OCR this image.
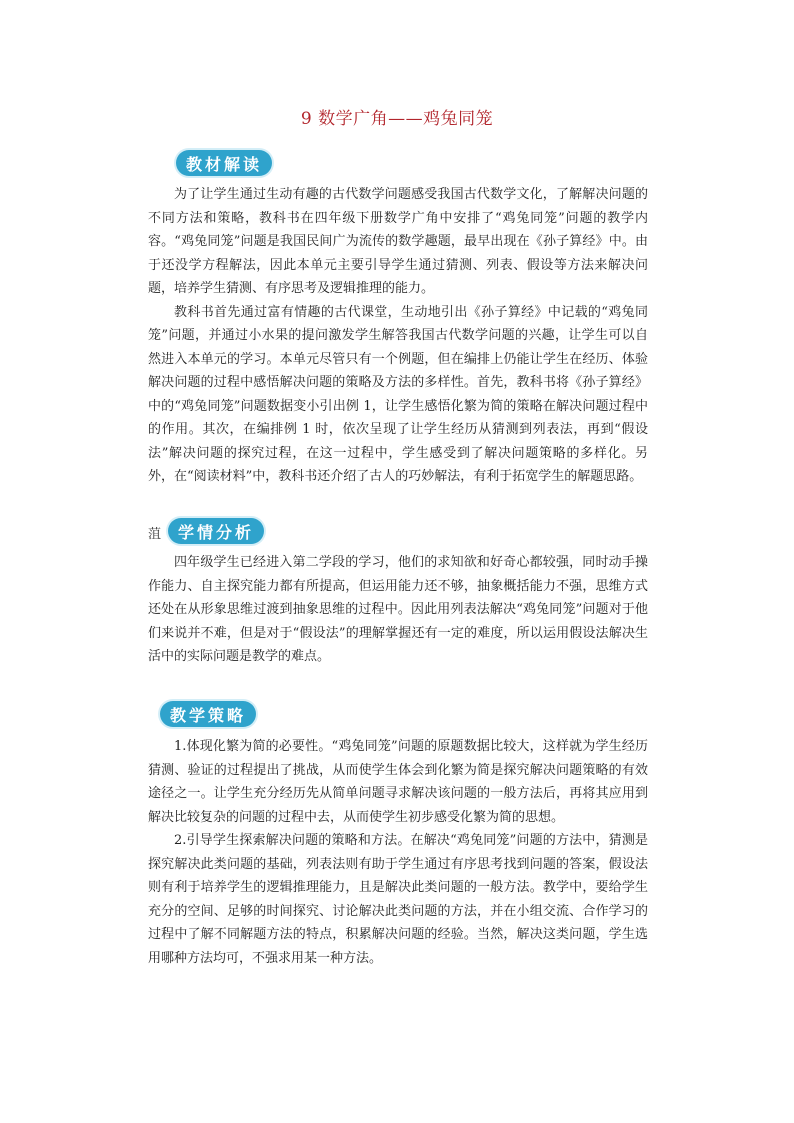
9 数学广角——鸡兔同笼
教材解读

为了让学生通过生动有趣的古代数学问题感受我国古代数学文化，了解解决问题的不同方法和策略，教科书在四年级下册数学广角中安排了“鸡兔同笼”问题的教学内容。“鸡兔同笼”问题是我国民间广为流传的数学趣题，最早出现在《孙子算经》中。由于还没学方程解法，因此本单元主要引导学生通过猜测、列表、假设等方法来解决问题，培养学生猜测、有序思考及逻辑推理的能力。

教科书首先通过富有情趣的古代课堂，生动地引出《孙子算经》中记载的“鸡兔同笼”问题，并通过小水果的提问激发学生解答我国古代数学问题的兴趣，让学生可以自然进入本单元的学习。本单元尽管只有一个例题，但在编排上仍能让学生在经历、体验解决问题的过程中感悟解决问题的策略及方法的多样性。首先，教科书将《孙子算经》中的“鸡兔同笼”问题数据变小引出例 1，让学生感悟化繁为简的策略在解决问题过程中的作用。其次，在编排例 1 时，依次呈现了让学生经历从猜测到列表法，再到“假设法”解决问题的探究过程，在这一过程中，学生感受到了解决问题策略的多样化。另外，在“阅读材料”中，教科书还介绍了古人的巧妙解法，有利于拓宽学生的解题思路。

菹	学情分析

四年级学生已经进入第二学段的学习，他们的求知欲和好奇心都较强，同时动手操作能力、自主探究能力都有所提高，但运用能力还不够，抽象概括能力不强，思维方式还处在从形象思维过渡到抽象思维的过程中。因此用列表法解决“鸡兔同笼”问题对于他们来说并不难，但是对于“假设法”的理解掌握还有一定的难度，所以运用假设法解决生活中的实际问题是教学的难点。

教学策略

1.体现化繁为简的必要性。“鸡兔同笼”问题的原题数据比较大，这样就为学生经历猜测、验证的过程提出了挑战，从而使学生体会到化繁为简是探究解决问题策略的有效途径之一。让学生充分经历先从简单问题寻求解决该问题的一般方法后，再将其应用到解决比较复杂的问题的过程中去，从而使学生初步感受化繁为简的思想。

2.引导学生探索解决问题的策略和方法。在解决“鸡兔同笼”问题的方法中，猜测是探究解决此类问题的基础，列表法则有助于学生通过有序思考找到问题的答案，假设法则有利于培养学生的逻辑推理能力，且是解决此类问题的一般方法。教学中，要给学生充分的空间、足够的时间探究、讨论解决此类问题的方法，并在小组交流、合作学习的过程中了解不同解题方法的特点，积累解决问题的经验。当然，解决这类问题，学生选用哪种方法均可，不强求用某一种方法。
